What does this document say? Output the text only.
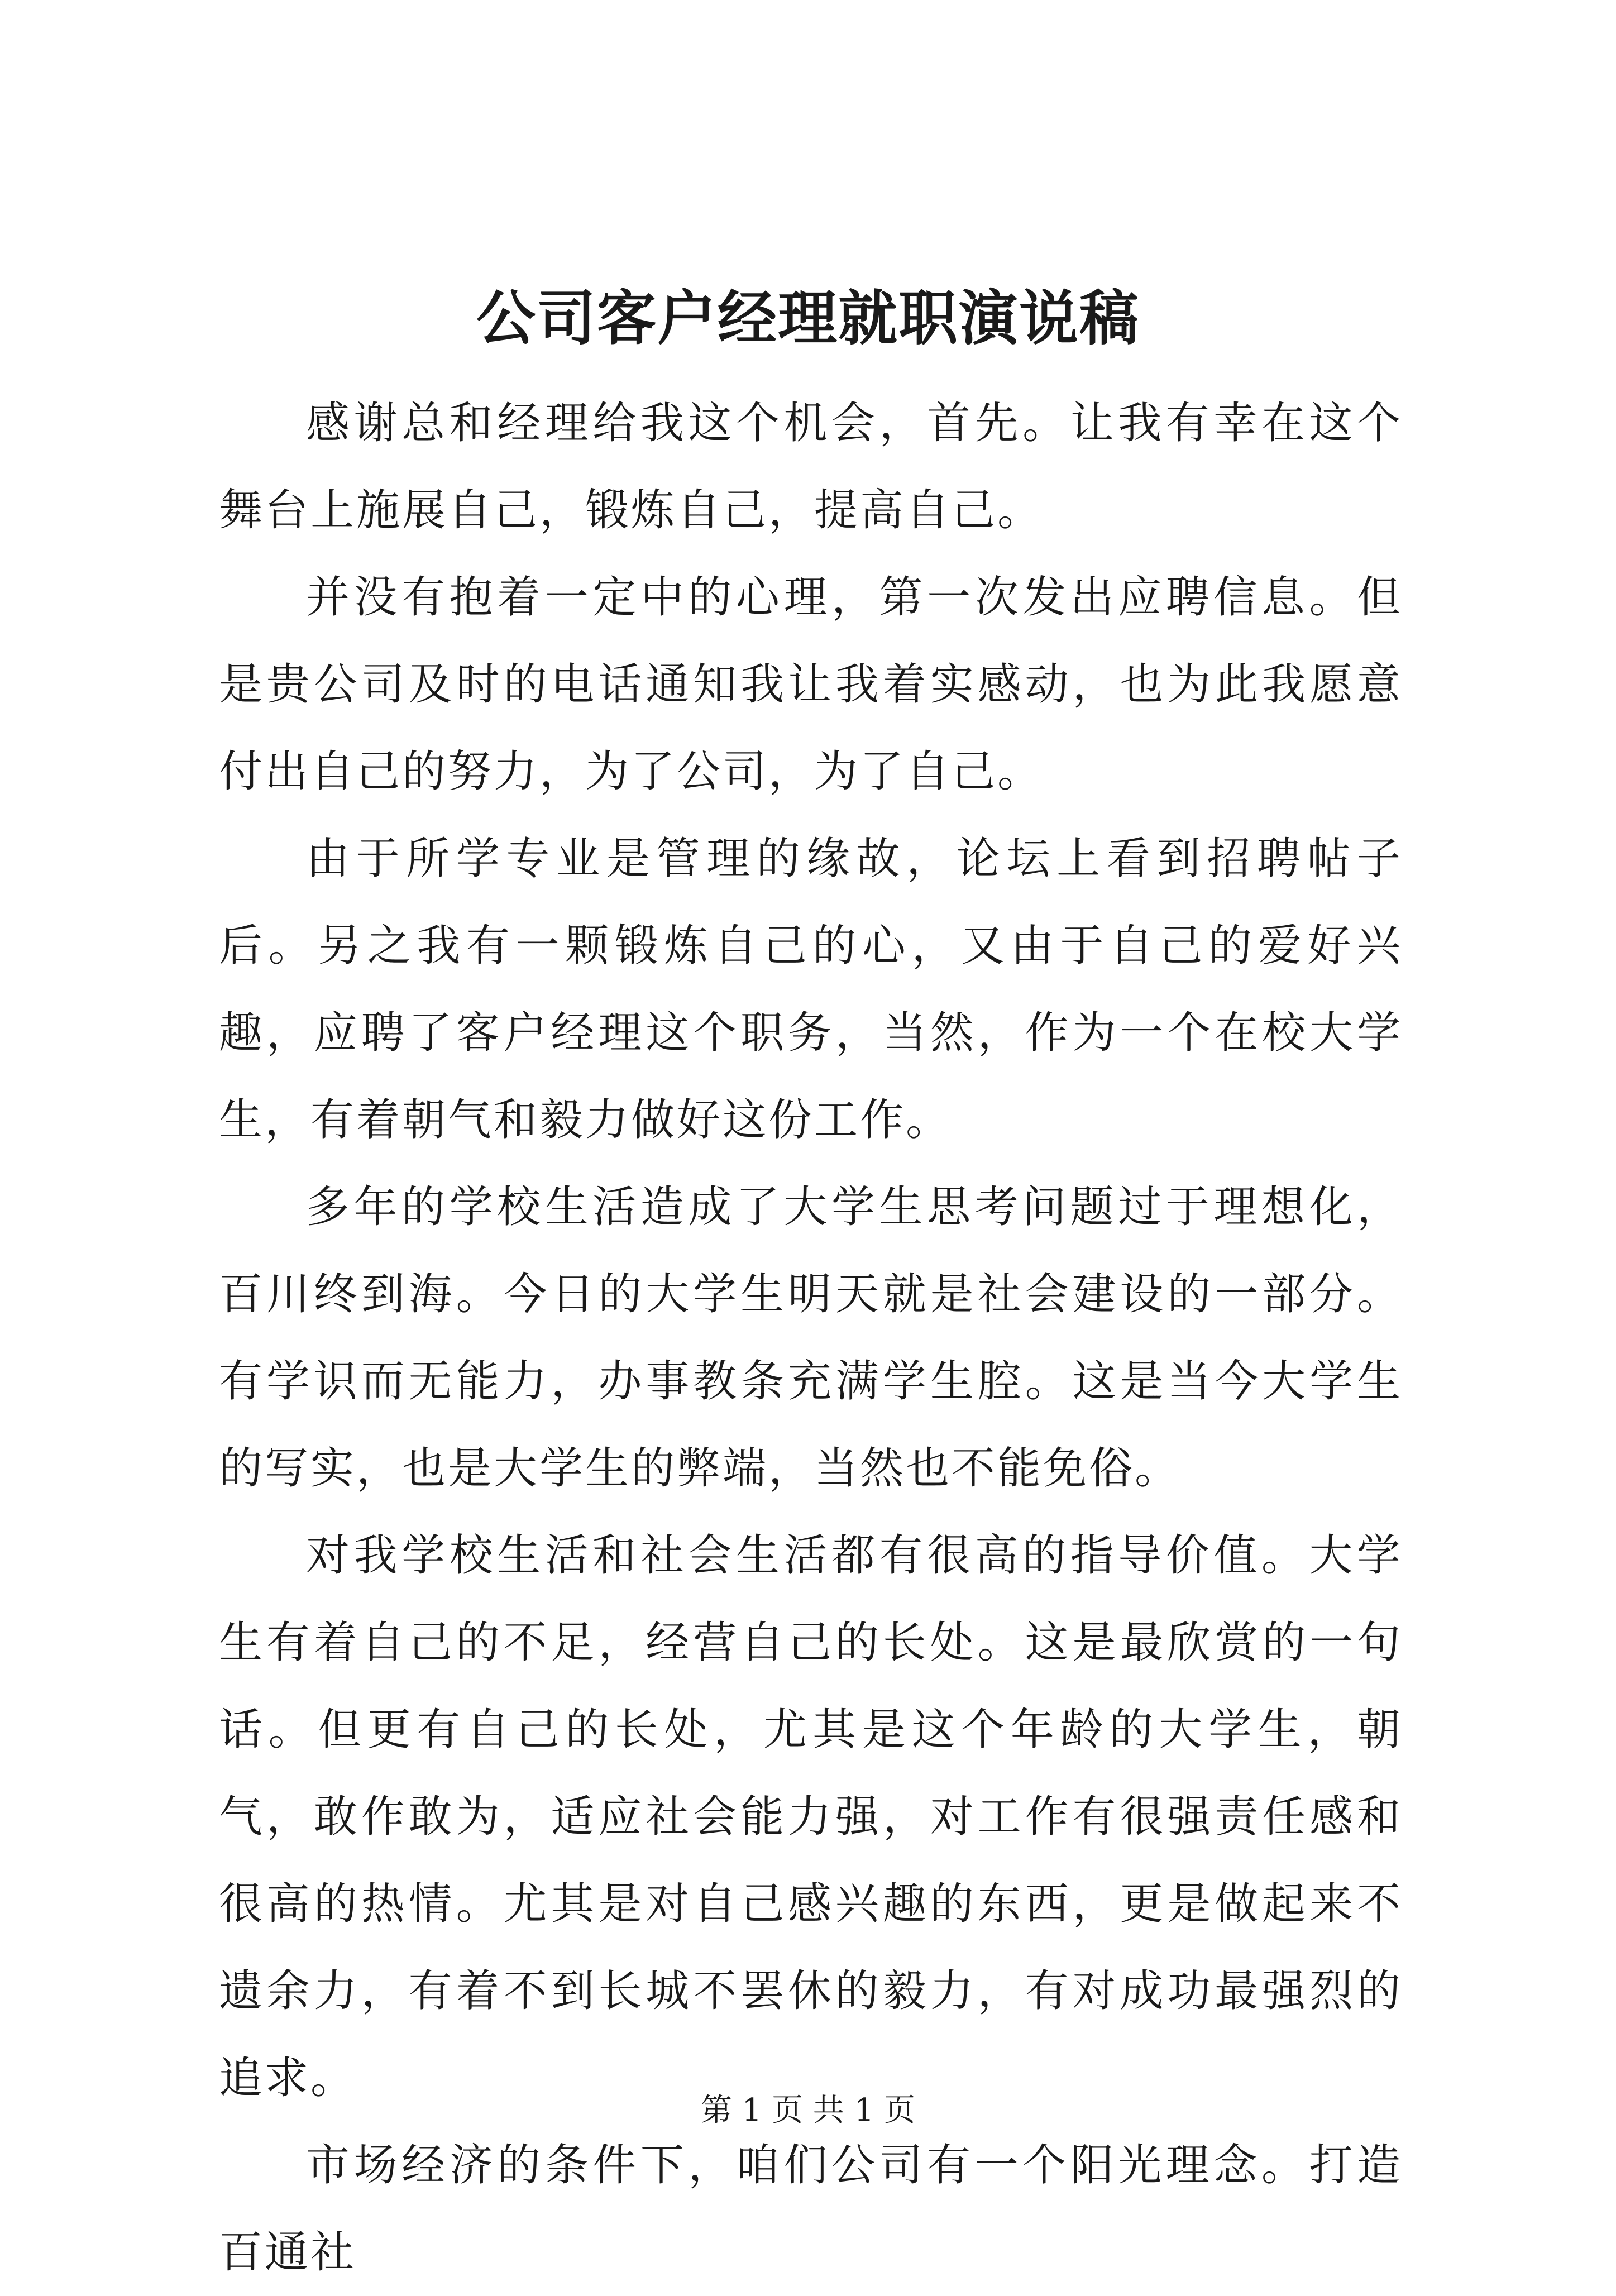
公司客户经理就职演说稿

感谢总和经理给我这个机会，首先。让我有幸在这个舞台上施展自己，锻炼自己，提高自己。

并没有抱着一定中的心理，第一次发出应聘信息。但是贵公司及时的电话通知我让我着实感动，也为此我愿意付出自己的努力，为了公司，为了自己。

由于所学专业是管理的缘故，论坛上看到招聘帖子后。另之我有一颗锻炼自己的心，又由于自己的爱好兴趣，应聘了客户经理这个职务，当然，作为一个在校大学生，有着朝气和毅力做好这份工作。

多年的学校生活造成了大学生思考问题过于理想化，百川终到海。今日的大学生明天就是社会建设的一部分。有学识而无能力，办事教条充满学生腔。这是当今大学生的写实，也是大学生的弊端，当然也不能免俗。

对我学校生活和社会生活都有很高的指导价值。大学生有着自己的不足，经营自己的长处。这是最欣赏的一句话。但更有自己的长处，尤其是这个年龄的大学生，朝气，敢作敢为，适应社会能力强，对工作有很强责任感和很高的热情。尤其是对自己感兴趣的东西，更是做起来不遗余力，有着不到长城不罢休的毅力，有对成功最强烈的追求。

市场经济的条件下，咱们公司有一个阳光理念。打造百通社

第 1 页 共 1 页
